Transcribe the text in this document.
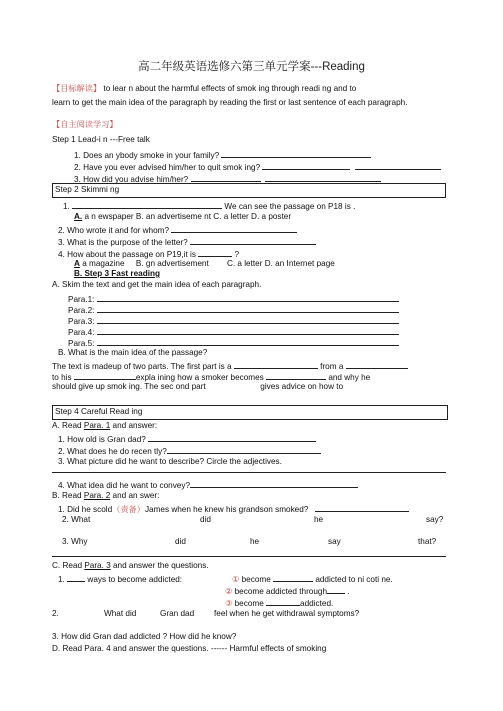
高二年级英语选修六第三单元学案---Reading
【目标解读】 to lear n about the harmful effects of smok ing through readi ng and to
learn to get the main idea of the paragraph by reading the first or last sentence of each paragraph.
【自主阅读学习】
Step 1 Lead-i n ---Free talk
1. Does an ybody smoke in your family?
2. Have you ever advised him/her to quit smok ing?
3. How did you advise him/her?
Step 2 Skimmi ng
1.	We can see the passage on P18 is .
A. a n ewspaper B. an advertiseme nt C. a letter D. a poster
2. Who wrote it and for whom?
3. What is the purpose of the letter?
4. How about the passage on P19,it is	?
A a magazine B. gn advertisement C. a letter D. an Internet page
B. Step 3 Fast reading
A. Skim the text and get the main idea of each paragraph.
Para.1:
Para.2:
Para.3:
Para.4:
Para.5:
B. What is the main idea of the passage?
The text is madeup of two parts. The first part is a	from a
to his	expla ining how a smoker becomes	and why he
should give up smok ing. The sec ond part	gives advice on how to
Step 4 Careful Read ing
A. Read Para. 1 and answer:
1. How old is Gran dad?
2. What does he do recen tly?
3. What picture did he want to describe? Circle the adjectives.
4. What idea did he want to convey?
B. Read Para. 2 and an swer:
1. Did he scold（责备）James when he knew his grandson smoked?
2. What	did	he	say?
3. Why	did	he	say	that?
C. Read Para. 3 and answer the questions.
1.	ways to become addicted:	① become	addicted to ni coti ne.
② become addicted through .
③ become	addicted.
2.	What did	Gran dad feel when he get withdrawal symptoms?
3. How did Gran dad addicted ? How did he know?
D. Read Para. 4 and answer the questions. ------ Harmful effects of smoking
